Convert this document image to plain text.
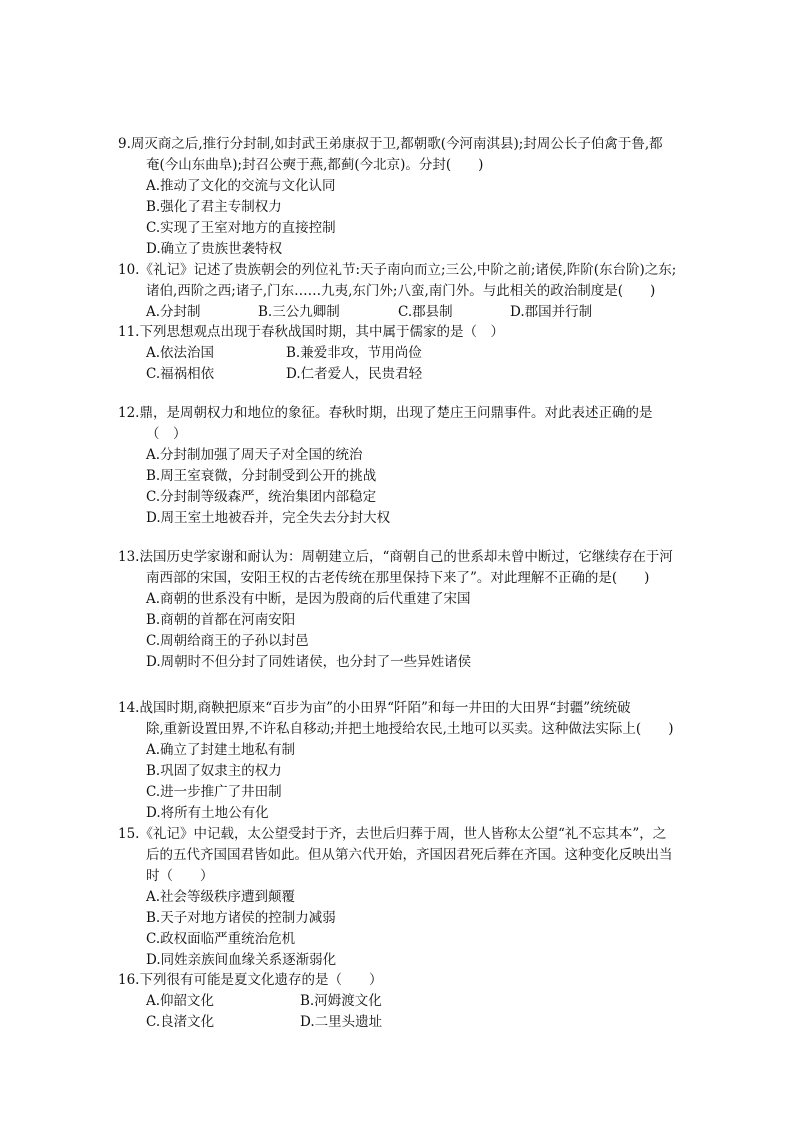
9.周灭商之后,推行分封制,如封武王弟康叔于卫,都朝歌(今河南淇县);封周公长子伯禽于鲁,都
奄(今山东曲阜);封召公奭于燕,都蓟(今北京)。分封(　　)
A.推动了文化的交流与文化认同
B.强化了君主专制权力
C.实现了王室对地方的直接控制
D.确立了贵族世袭特权
10.《礼记》记述了贵族朝会的列位礼节:天子南向而立;三公,中阶之前;诸侯,阼阶(东台阶)之东;
诸伯,西阶之西;诸子,门东……九夷,东门外;八蛮,南门外。与此相关的政治制度是(　　)
A.分封制	B.三公九卿制	C.郡县制	D.郡国并行制
11.下列思想观点出现于春秋战国时期，其中属于儒家的是（　）
A.依法治国	B.兼爱非攻，节用尚俭
C.福祸相依	D.仁者爱人，民贵君轻
12.鼎，是周朝权力和地位的象征。春秋时期，出现了楚庄王问鼎事件。对此表述正确的是
（　）
A.分封制加强了周天子对全国的统治
B.周王室衰微，分封制受到公开的挑战
C.分封制等级森严，统治集团内部稳定
D.周王室土地被吞并，完全失去分封大权
13.法国历史学家谢和耐认为：周朝建立后，“商朝自己的世系却未曾中断过，它继续存在于河
南西部的宋国，安阳王权的古老传统在那里保持下来了”。对此理解不正确的是(　　)
A.商朝的世系没有中断，是因为殷商的后代重建了宋国
B.商朝的首都在河南安阳
C.周朝给商王的子孙以封邑
D.周朝时不但分封了同姓诸侯，也分封了一些异姓诸侯
14.战国时期,商鞅把原来“百步为亩”的小田界“阡陌”和每一井田的大田界“封疆”统统破
除,重新设置田界,不许私自移动;并把土地授给农民,土地可以买卖。这种做法实际上(　　)
A.确立了封建土地私有制
B.巩固了奴隶主的权力
C.进一步推广了井田制
D.将所有土地公有化
15.《礼记》中记载，太公望受封于齐，去世后归葬于周，世人皆称太公望“礼不忘其本”，之
后的五代齐国国君皆如此。但从第六代开始，齐国因君死后葬在齐国。这种变化反映出当
时（　　）
A.社会等级秩序遭到颠覆
B.天子对地方诸侯的控制力减弱
C.政权面临严重统治危机
D.同姓亲族间血缘关系逐渐弱化
16.下列很有可能是夏文化遗存的是（　　）
A.仰韶文化	B.河姆渡文化
C.良渚文化	D.二里头遗址
